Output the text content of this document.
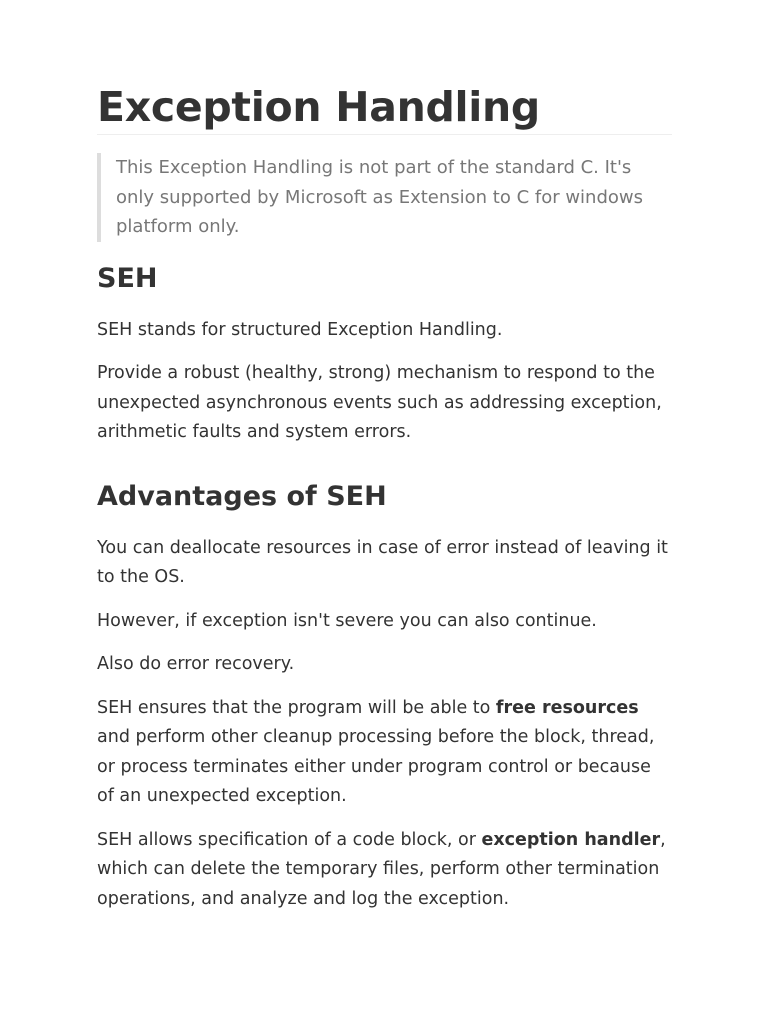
Exception Handling
This Exception Handling is not part of the standard C. It's only supported by Microsoft as Extension to C for windows platform only.
SEH

SEH stands for structured Exception Handling.

Provide a robust (healthy, strong) mechanism to respond to the unexpected asynchronous events such as addressing exception, arithmetic faults and system errors.

Advantages of SEH

You can deallocate resources in case of error instead of leaving it to the OS.

However, if exception isn't severe you can also continue.

Also do error recovery.

SEH ensures that the program will be able to free resources and perform other cleanup processing before the block, thread, or process terminates either under program control or because of an unexpected exception.

SEH allows specification of a code block, or exception handler, which can delete the temporary files, perform other termination operations, and analyze and log the exception.
